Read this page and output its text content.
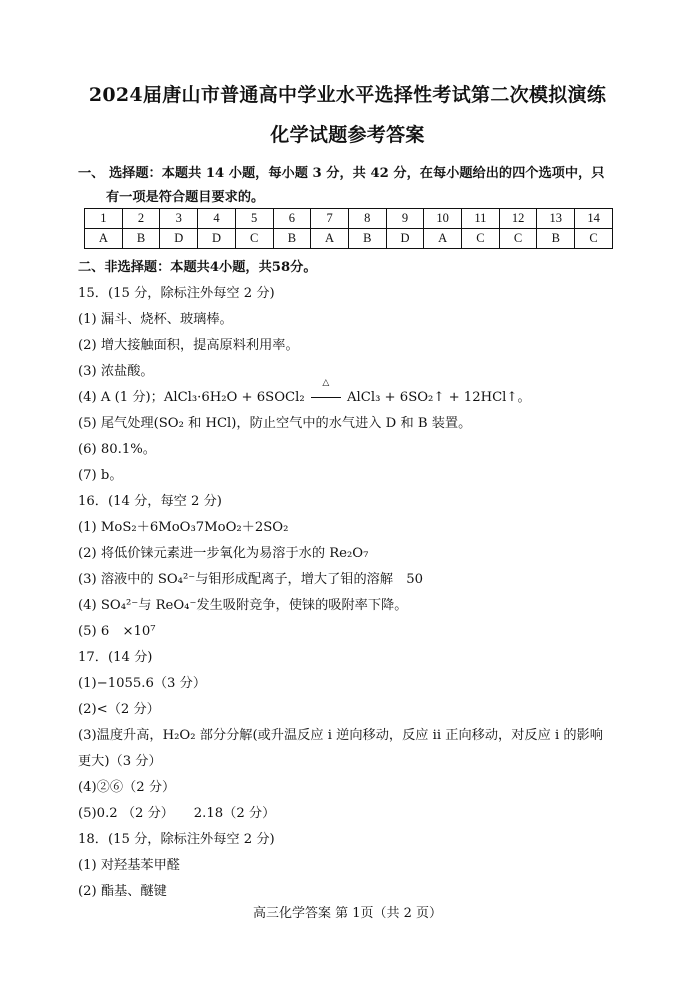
2024届唐山市普通高中学业水平选择性考试第二次模拟演练
化学试题参考答案
一、 选择题：本题共 14 小题，每小题 3 分，共 42 分，在每小题给出的四个选项中，只
有一项是符合题目要求的。
1	2	3	4	5	6	7	8	9	10	11	12	13	14
A	B	D	D	C	B	A	B	D	A	C	C	B	C
二、非选择题：本题共4小题，共58分。
15．(15 分，除标注外每空 2 分)
(1) 漏斗、烧杯、玻璃棒。
(2) 增大接触面积，提高原料利用率。
(3) 浓盐酸。
(4) A (1 分)；AlCl₃·6H₂O + 6SOCl₂
△
AlCl₃ + 6SO₂↑ + 12HCl↑。
(5) 尾气处理(SO₂ 和 HCl)，防止空气中的水气进入 D 和 B 装置。
(6) 80.1%。
(7) b。
16．(14 分，每空 2 分)
(1) MoS₂＋6MoO₃7MoO₂＋2SO₂
(2) 将低价铼元素进一步氧化为易溶于水的 Re₂O₇
(3) 溶液中的 SO₄²⁻与钼形成配离子，增大了钼的溶解　50
(4) SO₄²⁻与 ReO₄⁻发生吸附竞争，使铼的吸附率下降。
(5) 6　×10⁷
17．(14 分)
(1)−1055.6（3 分）
(2)<（2 分）
(3)温度升高，H₂O₂ 部分分解(或升温反应 i 逆向移动，反应 ii 正向移动，对反应 i 的影响
更大)（3 分）
(4)②⑥（2 分）
(5)0.2 （2 分）　　2.18（2 分）
18．(15 分，除标注外每空 2 分)
(1) 对羟基苯甲醛
(2) 酯基、醚键
高三化学答案 第 1页（共 2 页）
